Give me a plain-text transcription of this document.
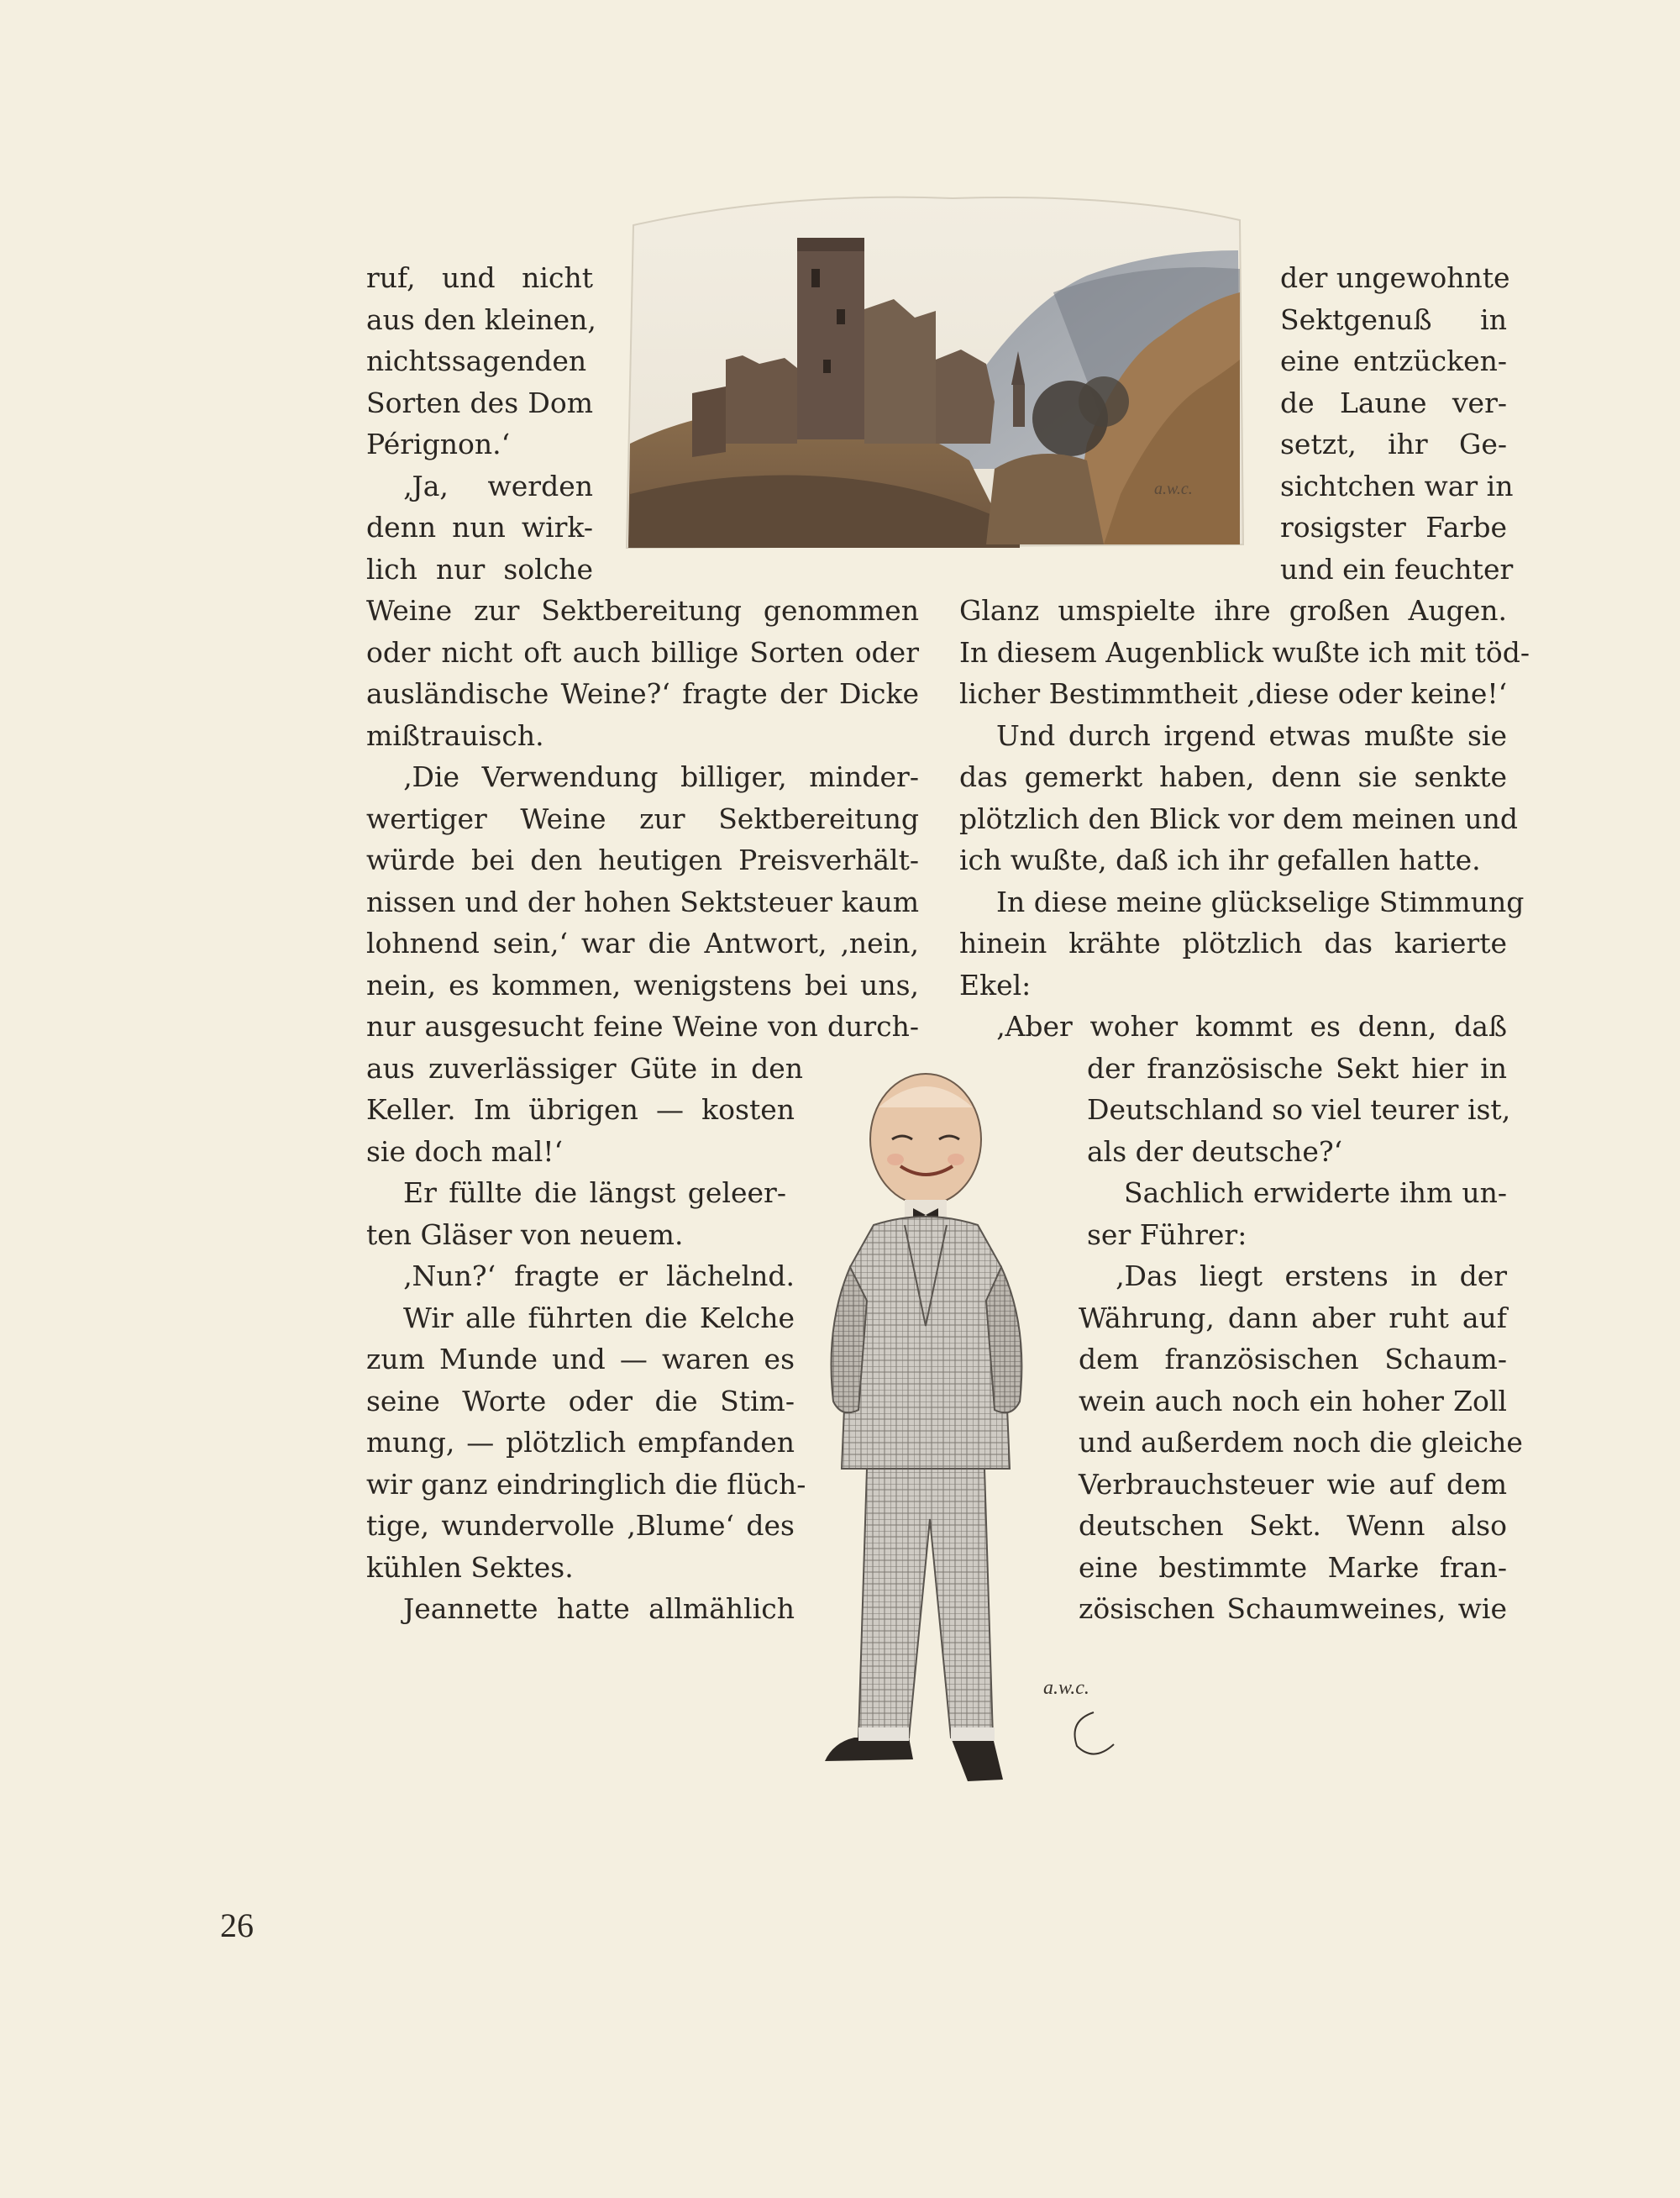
a.w.c.
ruf, und nicht
aus den kleinen,
nichtssagenden
Sorten des Dom
Pérignon.‘
‚Ja, werden
denn nun wirk-
lich nur solche
Weine zur Sektbereitung genommen
oder nicht oft auch billige Sorten oder
ausländische Weine?‘ fragte der Dicke
mißtrauisch.
‚Die Verwendung billiger, minder-
wertiger Weine zur Sektbereitung
würde bei den heutigen Preisverhält-
nissen und der hohen Sektsteuer kaum
lohnend sein,‘ war die Antwort, ‚nein,
nein, es kommen, wenigstens bei uns,
nur ausgesucht feine Weine von durch-
aus zuverlässiger Güte in den
Keller. Im übrigen — kosten
sie doch mal!‘
Er füllte die längst geleer-
ten Gläser von neuem.
‚Nun?‘ fragte er lächelnd.
Wir alle führten die Kelche
zum Munde und — waren es
seine Worte oder die Stim-
mung, — plötzlich empfanden
wir ganz eindringlich die flüch-
tige, wundervolle ‚Blume‘ des
kühlen Sektes.
Jeannette hatte allmählich
der ungewohnte
Sektgenuß in
eine entzücken-
de Laune ver-
setzt, ihr Ge-
sichtchen war in
rosigster Farbe
und ein feuchter
Glanz umspielte ihre großen Augen.
In diesem Augenblick wußte ich mit töd-
licher Bestimmtheit ‚diese oder keine!‘
Und durch irgend etwas mußte sie
das gemerkt haben, denn sie senkte
plötzlich den Blick vor dem meinen und
ich wußte, daß ich ihr gefallen hatte.
In diese meine glückselige Stimmung
hinein krähte plötzlich das karierte
Ekel:
‚Aber woher kommt es denn, daß
der französische Sekt hier in
Deutschland so viel teurer ist,
als der deutsche?‘
Sachlich erwiderte ihm un-
ser Führer:
‚Das liegt erstens in der
Währung, dann aber ruht auf
dem französischen Schaum-
wein auch noch ein hoher Zoll
und außerdem noch die gleiche
Verbrauchsteuer wie auf dem
deutschen Sekt. Wenn also
eine bestimmte Marke fran-
zösischen Schaumweines, wie
a.w.c.
26
